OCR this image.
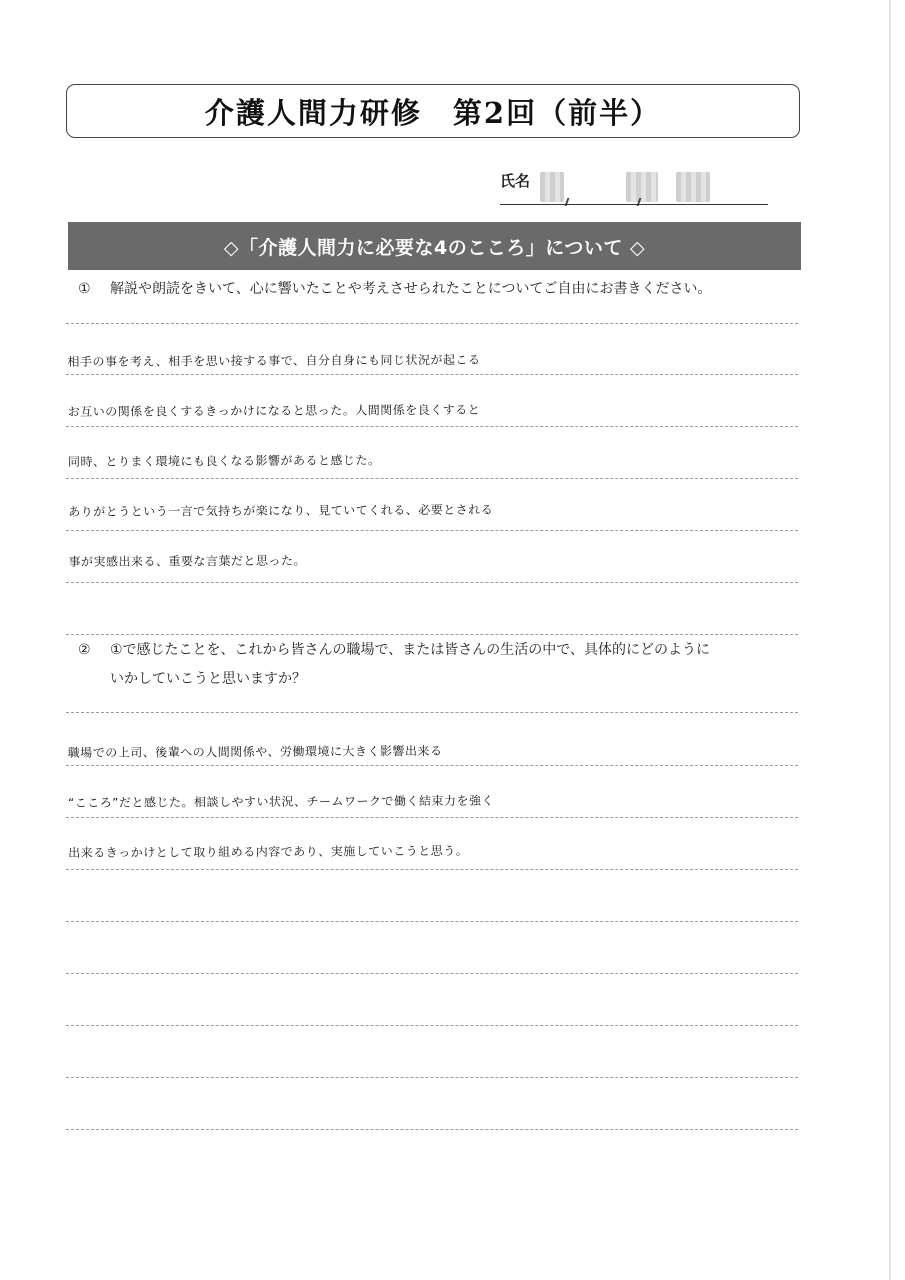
介護人間力研修　第2回（前半）
氏名
◇「介護人間力に必要な4のこころ」について ◇
① 解説や朗読をきいて、心に響いたことや考えさせられたことについてご自由にお書きください。
相手の事を考え、相手を思い接する事で、自分自身にも同じ状況が起こる
お互いの関係を良くするきっかけになると思った。人間関係を良くすると
同時、とりまく環境にも良くなる影響があると感じた。
ありがとうという一言で気持ちが楽になり、見ていてくれる、必要とされる
事が実感出来る、重要な言葉だと思った。
② ①で感じたことを、これから皆さんの職場で、または皆さんの生活の中で、具体的にどのように
いかしていこうと思いますか？
職場での上司、後輩への人間関係や、労働環境に大きく影響出来る
“こころ”だと感じた。相談しやすい状況、チームワークで働く結束力を強く
出来るきっかけとして取り組める内容であり、実施していこうと思う。
